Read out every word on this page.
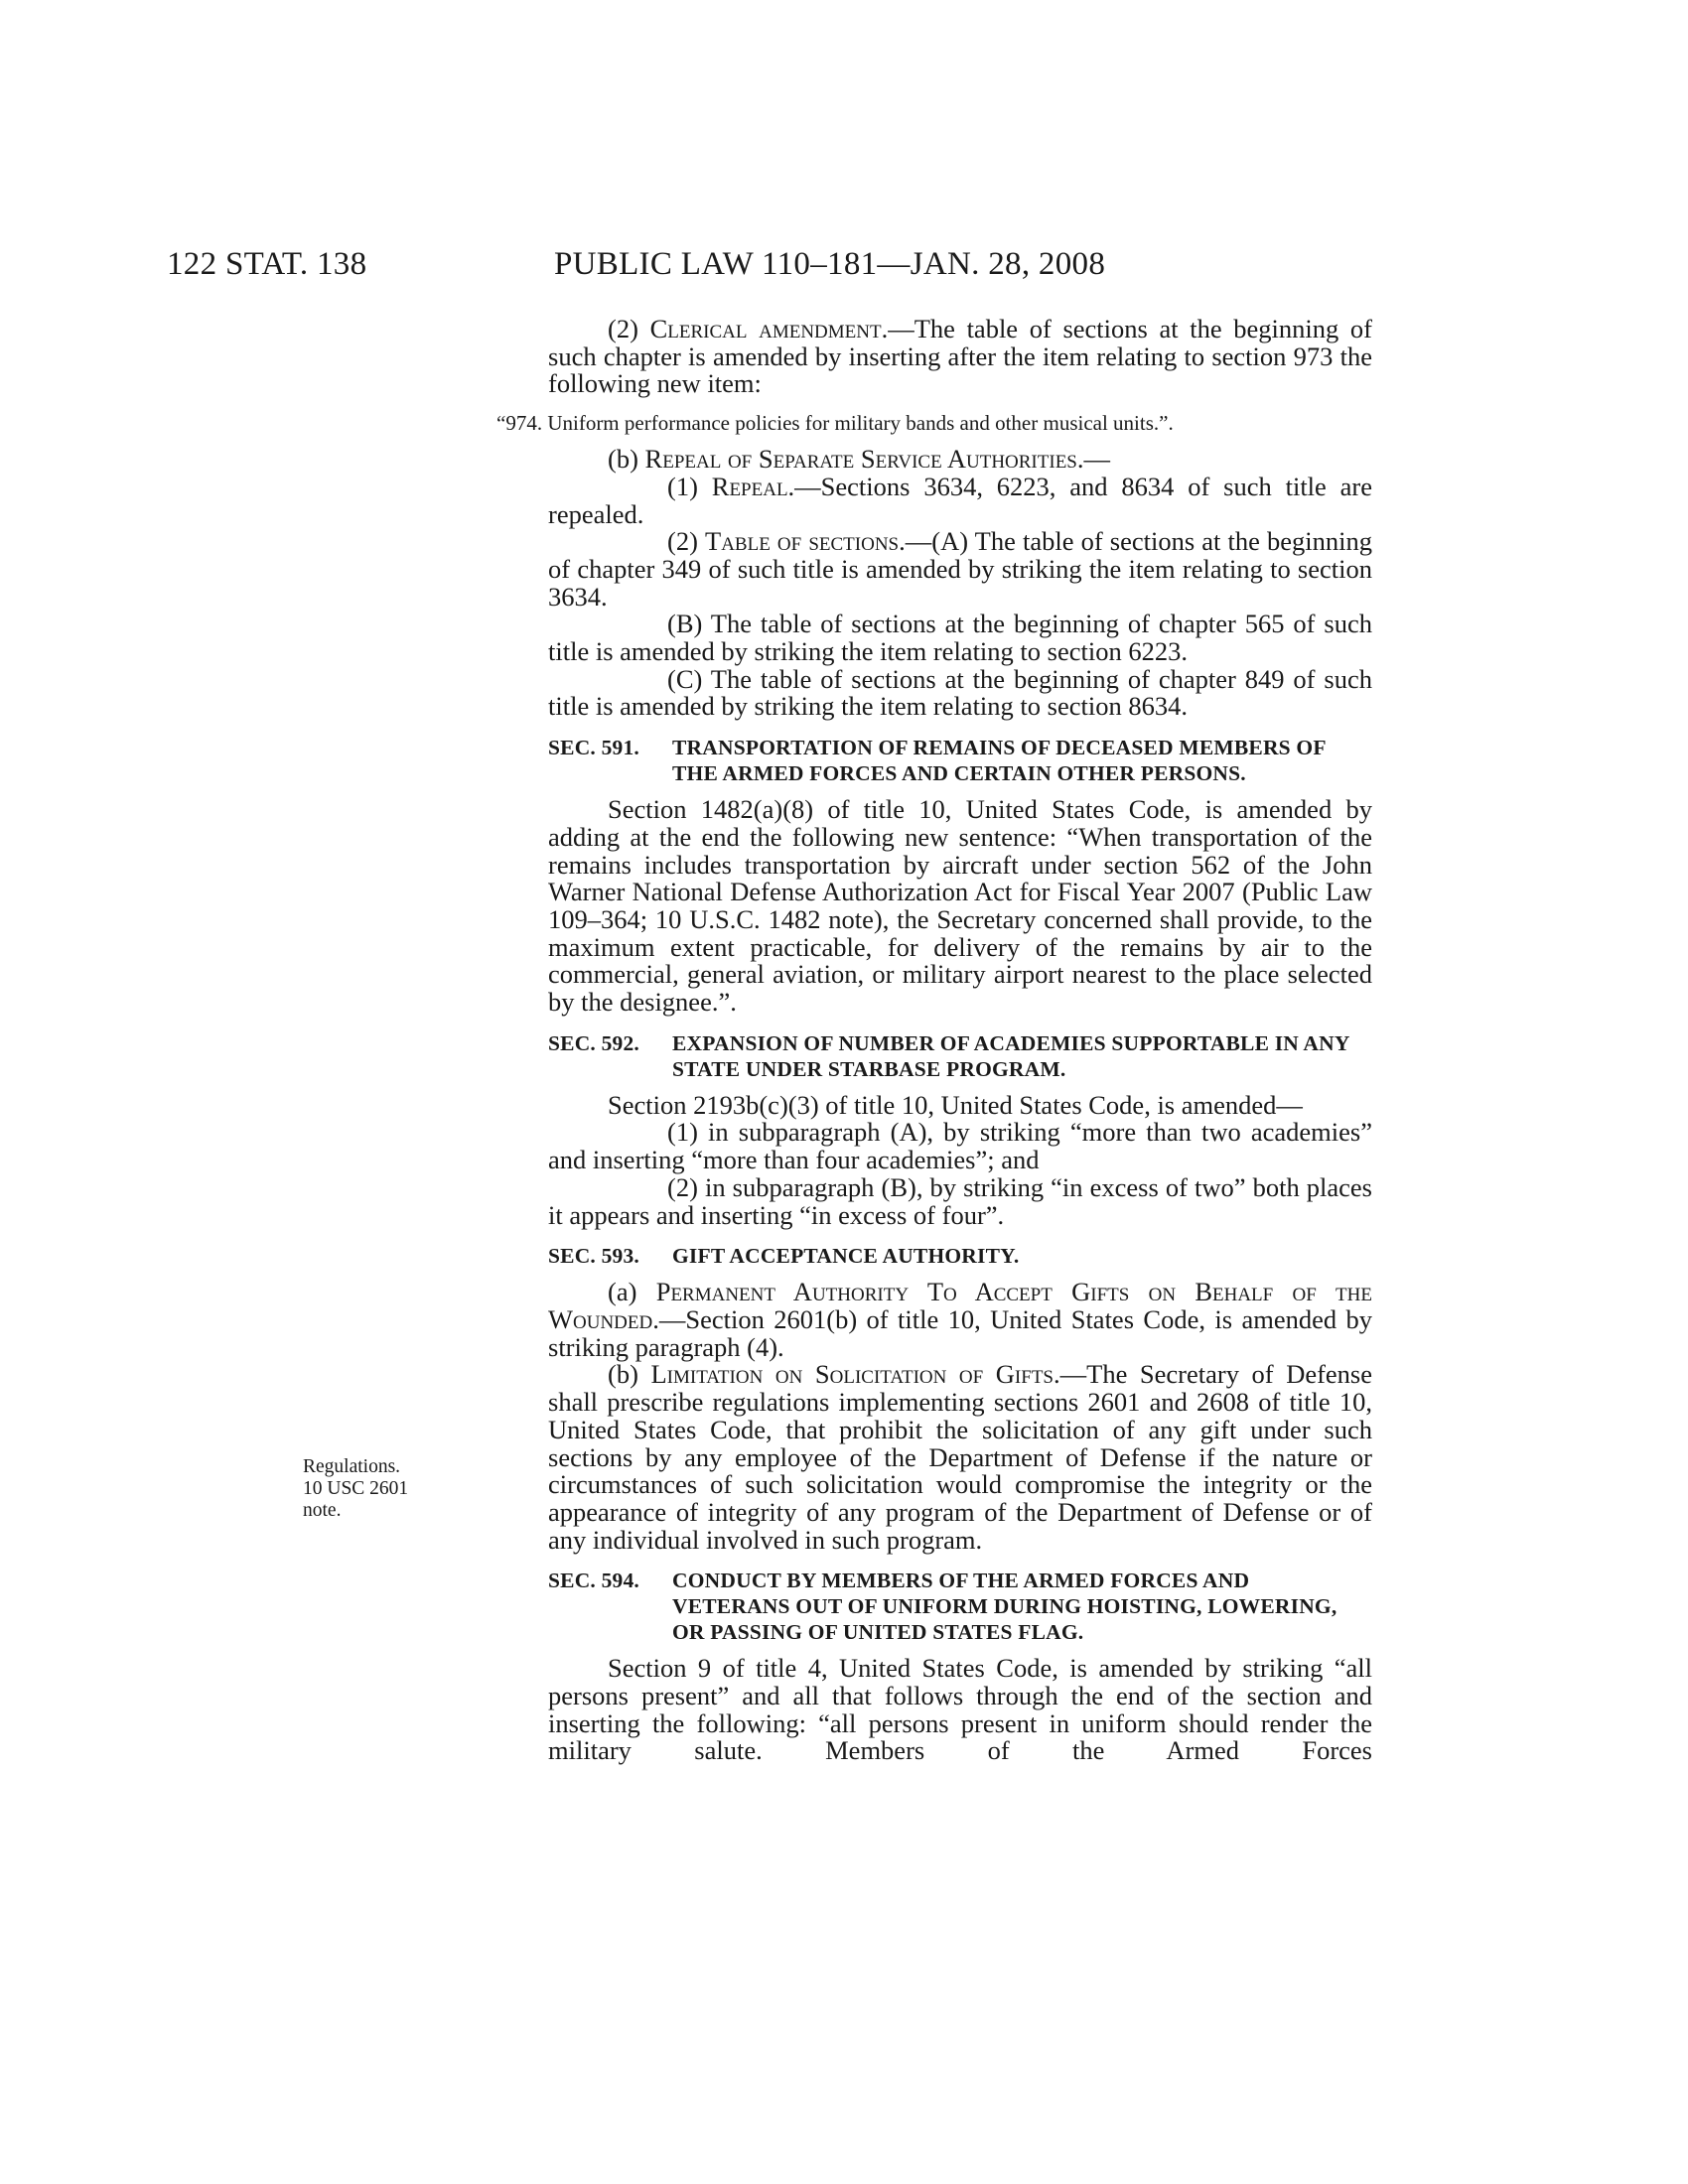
122 STAT. 138	PUBLIC LAW 110–181—JAN. 28, 2008
Regulations.
10 USC 2601
note.

(2) Clerical amendment.—The table of sections at the beginning of such chapter is amended by inserting after the item relating to section 973 the following new item:

“974. Uniform performance policies for military bands and other musical units.”.

(b) Repeal of Separate Service Authorities.—

(1) Repeal.—Sections 3634, 6223, and 8634 of such title are repealed.

(2) Table of sections.—(A) The table of sections at the beginning of chapter 349 of such title is amended by striking the item relating to section 3634.

(B) The table of sections at the beginning of chapter 565 of such title is amended by striking the item relating to section 6223.

(C) The table of sections at the beginning of chapter 849 of such title is amended by striking the item relating to section 8634.

SEC. 591. TRANSPORTATION OF REMAINS OF DECEASED MEMBERS OF THE ARMED FORCES AND CERTAIN OTHER PERSONS.

Section 1482(a)(8) of title 10, United States Code, is amended by adding at the end the following new sentence: “When transportation of the remains includes transportation by aircraft under section 562 of the John Warner National Defense Authorization Act for Fiscal Year 2007 (Public Law 109–364; 10 U.S.C. 1482 note), the Secretary concerned shall provide, to the maximum extent practicable, for delivery of the remains by air to the commercial, general aviation, or military airport nearest to the place selected by the designee.”.

SEC. 592. EXPANSION OF NUMBER OF ACADEMIES SUPPORTABLE IN ANY STATE UNDER STARBASE PROGRAM.

Section 2193b(c)(3) of title 10, United States Code, is amended—

(1) in subparagraph (A), by striking “more than two academies” and inserting “more than four academies”; and

(2) in subparagraph (B), by striking “in excess of two” both places it appears and inserting “in excess of four”.

SEC. 593. GIFT ACCEPTANCE AUTHORITY.

(a) Permanent Authority To Accept Gifts on Behalf of the Wounded.—Section 2601(b) of title 10, United States Code, is amended by striking paragraph (4).

(b) Limitation on Solicitation of Gifts.—The Secretary of Defense shall prescribe regulations implementing sections 2601 and 2608 of title 10, United States Code, that prohibit the solicitation of any gift under such sections by any employee of the Department of Defense if the nature or circumstances of such solicitation would compromise the integrity or the appearance of integrity of any program of the Department of Defense or of any individual involved in such program.

SEC. 594. CONDUCT BY MEMBERS OF THE ARMED FORCES AND VETERANS OUT OF UNIFORM DURING HOISTING, LOWERING, OR PASSING OF UNITED STATES FLAG.

Section 9 of title 4, United States Code, is amended by striking “all persons present” and all that follows through the end of the section and inserting the following: “all persons present in uniform should render the military salute. Members of the Armed Forces
